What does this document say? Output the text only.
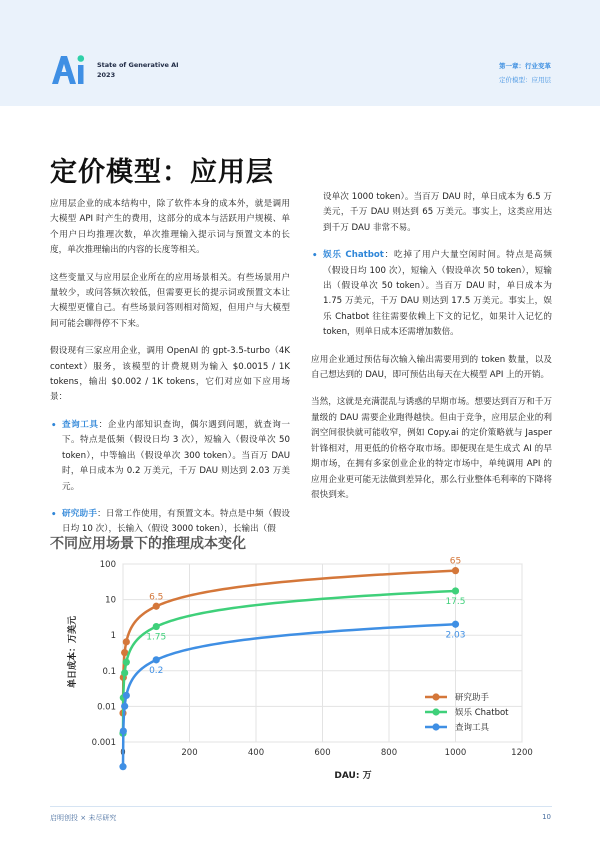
State of Generative AI
2023
第一章：行业变革
定价模型：应用层
定价模型：应用层

应用层企业的成本结构中，除了软件本身的成本外，就是调用大模型 API 时产生的费用，这部分的成本与活跃用户规模、单个用户日均推理次数，单次推理输入提示词与预置文本的长度，单次推理输出的内容的长度等相关。

这些变量又与应用层企业所在的应用场景相关。有些场景用户量较少，或问答频次较低，但需要更长的提示词或预置文本让大模型更懂自己。有些场景问答则相对简短，但用户与大模型间可能会聊得停不下来。

假设现有三家应用企业，调用 OpenAI 的 gpt-3.5-turbo（4K context）服务，该模型的计费规则为输入 $0.0015 / 1K tokens，输出 $0.002 / 1K tokens，它们对应如下应用场景：

• 查询工具：企业内部知识查询，偶尔遇到问题，就查询一下。特点是低频（假设日均 3 次），短输入（假设单次 50 token），中等输出（假设单次 300 token）。当百万 DAU 时，单日成本为 0.2 万美元，千万 DAU 则达到 2.03 万美元。

• 研究助手：日常工作使用，有预置文本。特点是中频（假设日均 10 次），长输入（假设 3000 token），长输出（假

设单次 1000 token）。当百万 DAU 时，单日成本为 6.5 万美元，千万 DAU 则达到 65 万美元。事实上，这类应用达到千万 DAU 非常不易。

• 娱乐 Chatbot：吃掉了用户大量空闲时间。特点是高频（假设日均 100 次），短输入（假设单次 50 token），短输出（假设单次 50 token）。当百万 DAU 时，单日成本为 1.75 万美元，千万 DAU 则达到 17.5 万美元。事实上，娱乐 Chatbot 往往需要依赖上下文的记忆，如果计入记忆的 token，则单日成本还需增加数倍。

应用企业通过预估每次输入输出需要用到的 token 数量，以及自己想达到的 DAU，即可预估出每天在大模型 API 上的开销。

当然，这就是充满混乱与诱惑的早期市场。想要达到百万和千万量级的 DAU 需要企业跑得越快。但由于竞争，应用层企业的利润空间很快就可能收窄，例如 Copy.ai 的定价策略就与 Jasper 针锋相对，用更低的价格夺取市场。即便现在是生成式 AI 的早期市场，在拥有多家创业企业的特定市场中，单纯调用 API 的应用企业更可能无法做到差异化，那么行业整体毛利率的下降将很快到来。

不同应用场景下的推理成本变化
0.001
0.01
0.1
1
10
100
0	200	400	600	800	1000	1200
6.5
65
1.75
17.5
0.2
2.03
研究助手
娱乐 Chatbot
查询工具
单日成本：万美元
DAU: 万
启明创投 × 未尽研究	10
